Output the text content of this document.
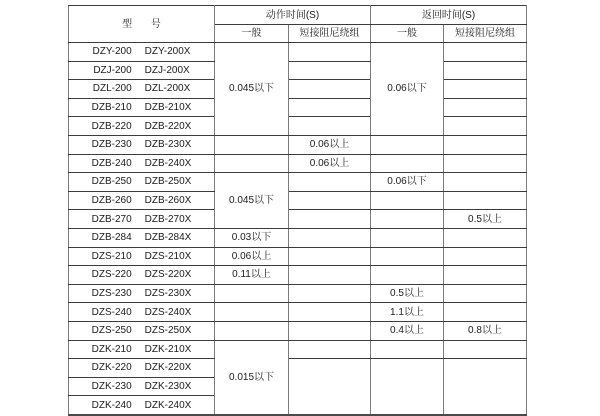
型 号	动作时间(S)		返回时间(S)	
	一般	短接阻尼绕组	一般	短接阻尼绕组

DZY-200 DZY-200X	0.045以下		0.06以下	

DZJ-200 DZJ-200X				

DZL-200 DZL-200X				

DZB-210 DZB-210X				

DZB-220 DZB-220X				

DZB-230 DZB-230X		0.06以上		

DZB-240 DZB-240X		0.06以上		

DZB-250 DZB-250X	0.045以下		0.06以下	

DZB-260 DZB-260X				

DZB-270 DZB-270X				0.5以上

DZB-284 DZB-284X	0.03以下			

DZS-210 DZS-210X	0.06以上			

DZS-220 DZS-220X	0.11以上			

DZS-230 DZS-230X			0.5以上	

DZS-240 DZS-240X			1.1以上	

DZS-250 DZS-250X			0.4以上	0.8以上

DZK-210 DZK-210X	0.015以下			

DZK-220 DZK-220X				

DZK-230 DZK-230X				

DZK-240 DZK-240X				
